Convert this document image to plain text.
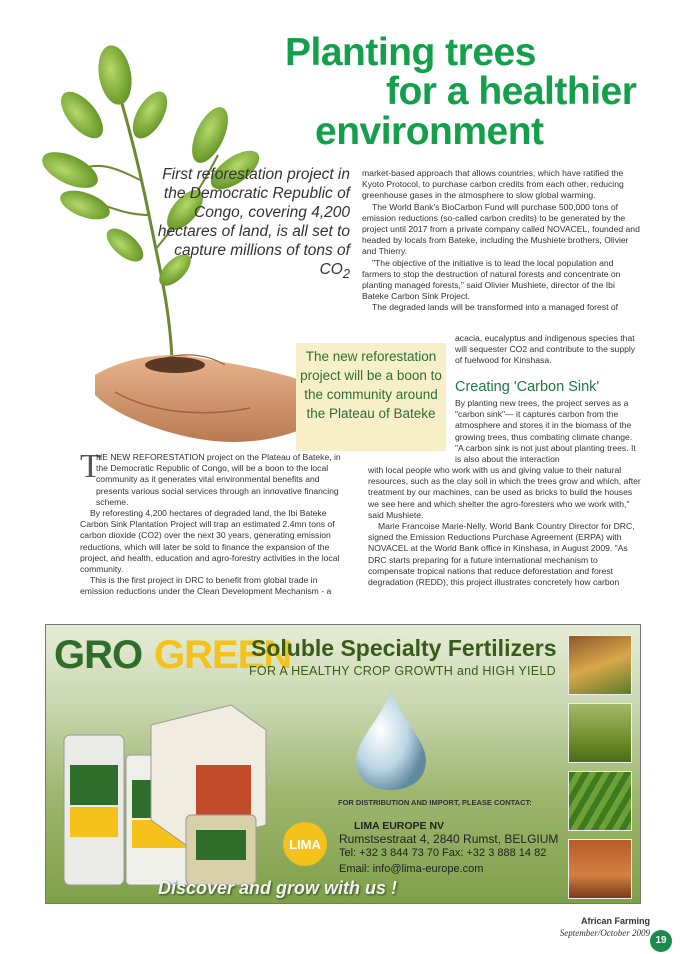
Planting trees
for a healthier
environment
First reforestation project in the Democratic Republic of Congo, covering 4,200 hectares of land, is all set to capture millions of tons of $CO_2$

market-based approach that allows countries, which have ratified the Kyoto Protocol, to purchase carbon credits from each other, reducing greenhouse gases in the atmosphere to slow global warming.

The World Bank's BioCarbon Fund will purchase 500,000 tons of emission reductions (so-called carbon credits) to be generated by the project until 2017 from a private company called NOVACEL, founded and headed by locals from Bateke, including the Mushiete brothers, Olivier and Thierry.

"The objective of the initiative is to lead the local population and farmers to stop the destruction of natural forests and concentrate on planting managed forests," said Olivier Mushiete, director of the Ibi Bateke Carbon Sink Project.

The degraded lands will be transformed into a managed forest of

acacia, eucalyptus and indigenous species that will sequester CO2 and contribute to the supply of fuelwood for Kinshasa.

The new reforestation project will be a boon to the community around the Plateau of Bateke
Creating 'Carbon Sink'

By planting new trees, the project serves as a "carbon sink"— it captures carbon from the atmosphere and stores it in the biomass of the growing trees, thus combating climate change. "A carbon sink is not just about planting trees. It is also about the interaction

with local people who work with us and giving value to their natural resources, such as the clay soil in which the trees grow and which, after treatment by our machines, can be used as bricks to build the houses we see here and which shelter the agro-foresters who we work with," said Mushiete.

Marie Francoise Marie-Nelly, World Bank Country Director for DRC, signed the Emission Reductions Purchase Agreement (ERPA) with NOVACEL at the World Bank office in Kinshasa, in August 2009. "As DRC starts preparing for a future international mechanism to compensate tropical nations that reduce deforestation and forest degradation (REDD), this project illustrates concretely how carbon

T

HE NEW REFORESTATION project on the Plateau of Bateke, in the Democratic Republic of Congo, will be a boon to the local community as it generates vital environmental benefits and presents various social services through an innovative financing scheme.

By reforesting 4,200 hectares of degraded land, the Ibi Bateke Carbon Sink Plantation Project will trap an estimated 2.4mn tons of carbon dioxide (CO2) over the next 30 years, generating emission reductions, which will later be sold to finance the expansion of the project, and health, education and agro-forestry activities in the local community.

This is the first project in DRC to benefit from global trade in emission reductions under the Clean Development Mechanism - a

GRO GREEN
Soluble Specialty Fertilizers
FOR A HEALTHY CROP GROWTH and HIGH YIELD
LIMA
FOR DISTRIBUTION AND IMPORT, PLEASE CONTACT:
LIMA EUROPE NV
Rumstsestraat 4, 2840 Rumst, BELGIUM
Tel: +32 3 844 73 70 Fax: +32 3 888 14 82
Email: info@lima-europe.com
Discover and grow with us !
African Farming
September/October 2009
19
